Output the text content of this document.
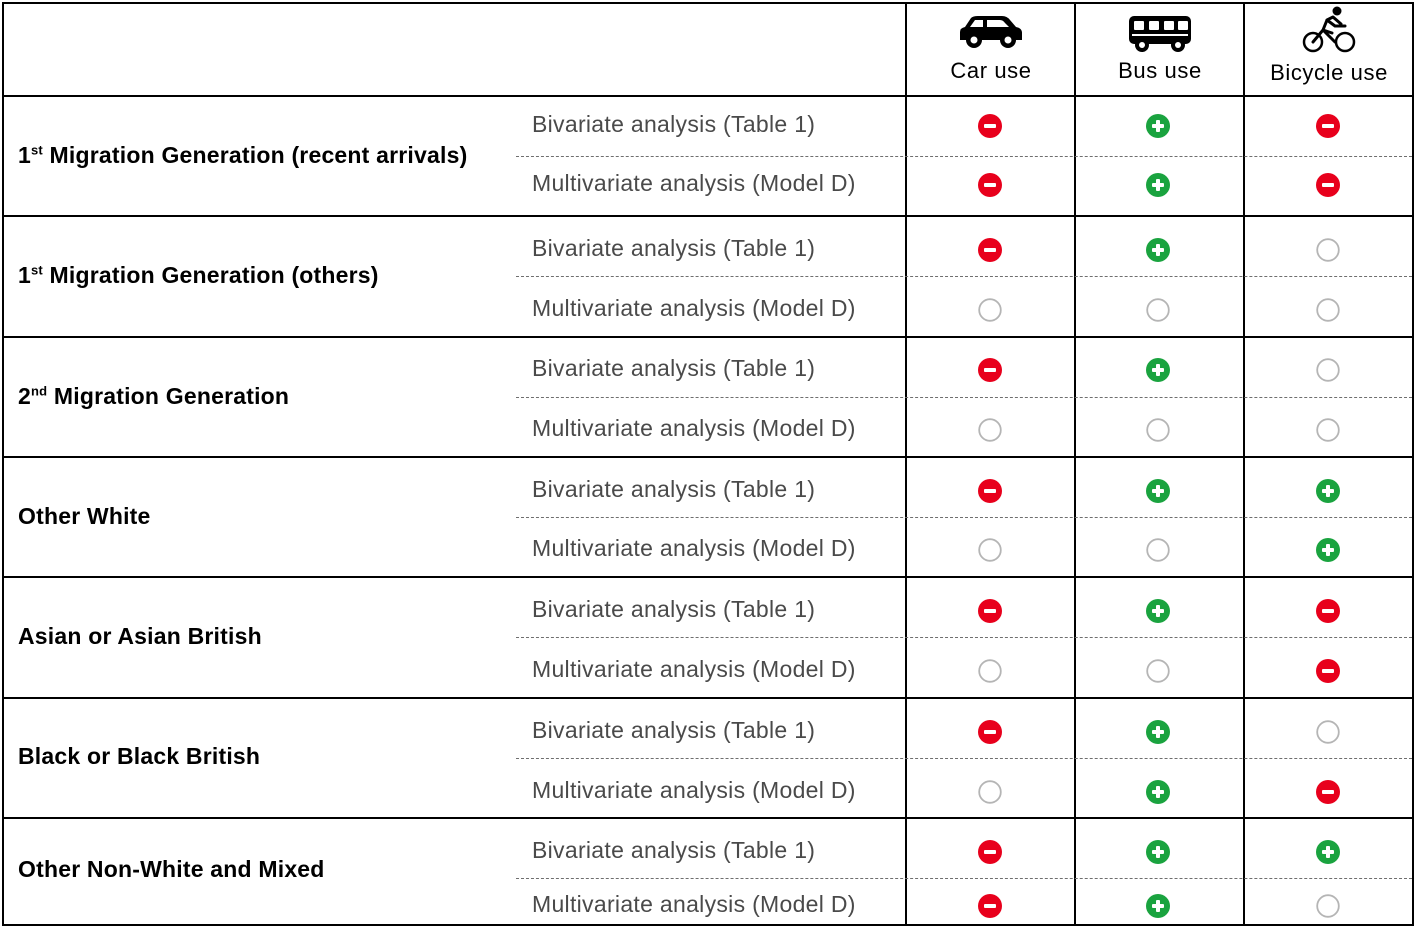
Car use	Bus use	Bicycle use
1st Migration Generation (recent arrivals)
Bivariate analysis (Table 1)
Multivariate analysis (Model D)
1st Migration Generation (others)
Bivariate analysis (Table 1)
Multivariate analysis (Model D)
2nd Migration Generation
Bivariate analysis (Table 1)
Multivariate analysis (Model D)
Other White
Bivariate analysis (Table 1)
Multivariate analysis (Model D)
Asian or Asian British
Bivariate analysis (Table 1)
Multivariate analysis (Model D)
Black or Black British
Bivariate analysis (Table 1)
Multivariate analysis (Model D)
Other Non-White and Mixed
Bivariate analysis (Table 1)
Multivariate analysis (Model D)
